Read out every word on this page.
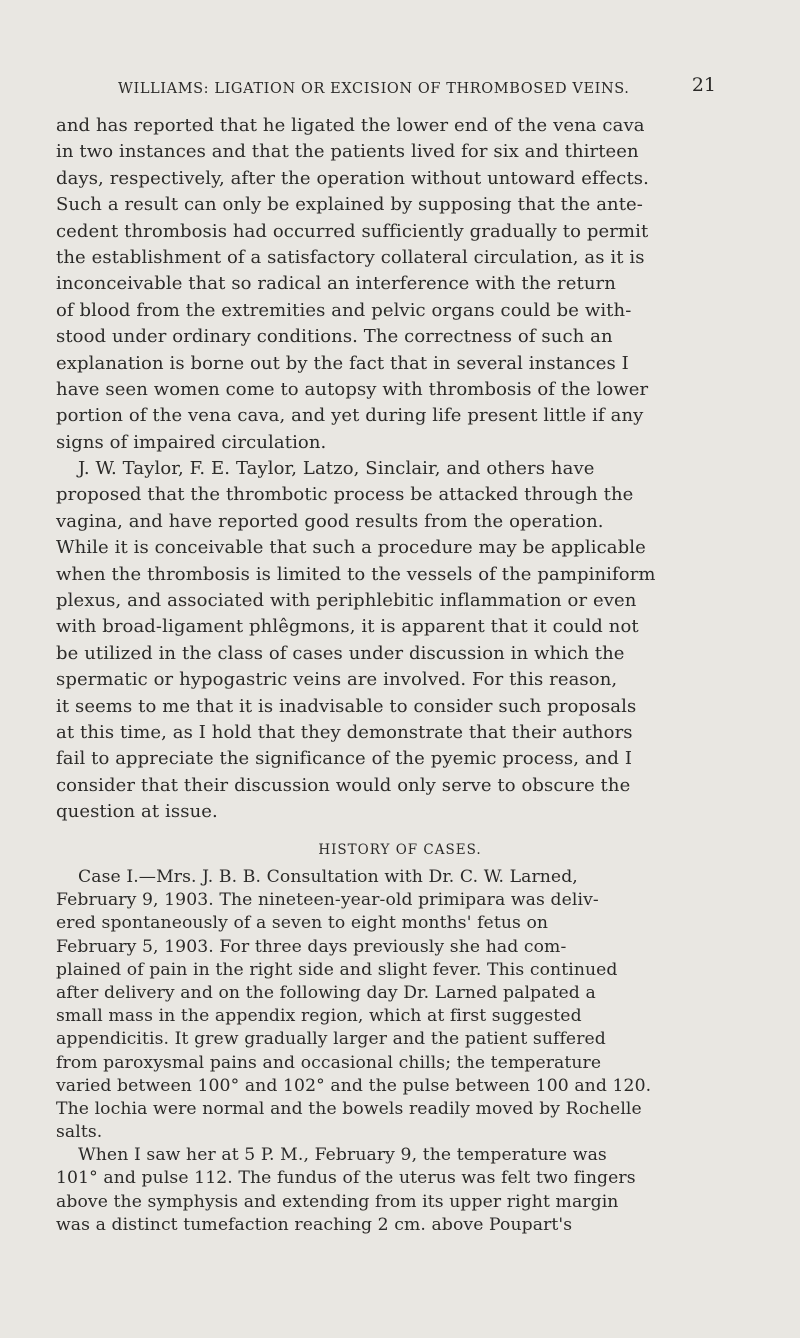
WILLIAMS: LIGATION OR EXCISION OF THROMBOSED VEINS.	21
and has reported that he ligated the lower end of the vena cava
in two instances and that the patients lived for six and thirteen
days, respectively, after the operation without untoward effects.
Such a result can only be explained by supposing that the ante-
cedent thrombosis had occurred sufficiently gradually to permit
the establishment of a satisfactory collateral circulation, as it is
inconceivable that so radical an interference with the return
of blood from the extremities and pelvic organs could be with-
stood under ordinary conditions. The correctness of such an
explanation is borne out by the fact that in several instances I
have seen women come to autopsy with thrombosis of the lower
portion of the vena cava, and yet during life present little if any
signs of impaired circulation.
J. W. Taylor, F. E. Taylor, Latzo, Sinclair, and others have
proposed that the thrombotic process be attacked through the
vagina, and have reported good results from the operation.
While it is conceivable that such a procedure may be applicable
when the thrombosis is limited to the vessels of the pampiniform
plexus, and associated with periphlebitic inflammation or even
with broad-ligament phlêgmons, it is apparent that it could not
be utilized in the class of cases under discussion in which the
spermatic or hypogastric veins are involved. For this reason,
it seems to me that it is inadvisable to consider such proposals
at this time, as I hold that they demonstrate that their authors
fail to appreciate the significance of the pyemic process, and I
consider that their discussion would only serve to obscure the
question at issue.
HISTORY OF CASES.
Case I.—Mrs. J. B. B. Consultation with Dr. C. W. Larned,
February 9, 1903. The nineteen-year-old primipara was deliv-
ered spontaneously of a seven to eight months' fetus on
February 5, 1903. For three days previously she had com-
plained of pain in the right side and slight fever. This continued
after delivery and on the following day Dr. Larned palpated a
small mass in the appendix region, which at first suggested
appendicitis. It grew gradually larger and the patient suffered
from paroxysmal pains and occasional chills; the temperature
varied between 100° and 102° and the pulse between 100 and 120.
The lochia were normal and the bowels readily moved by Rochelle
salts.
When I saw her at 5 P. M., February 9, the temperature was
101° and pulse 112. The fundus of the uterus was felt two fingers
above the symphysis and extending from its upper right margin
was a distinct tumefaction reaching 2 cm. above Poupart's
